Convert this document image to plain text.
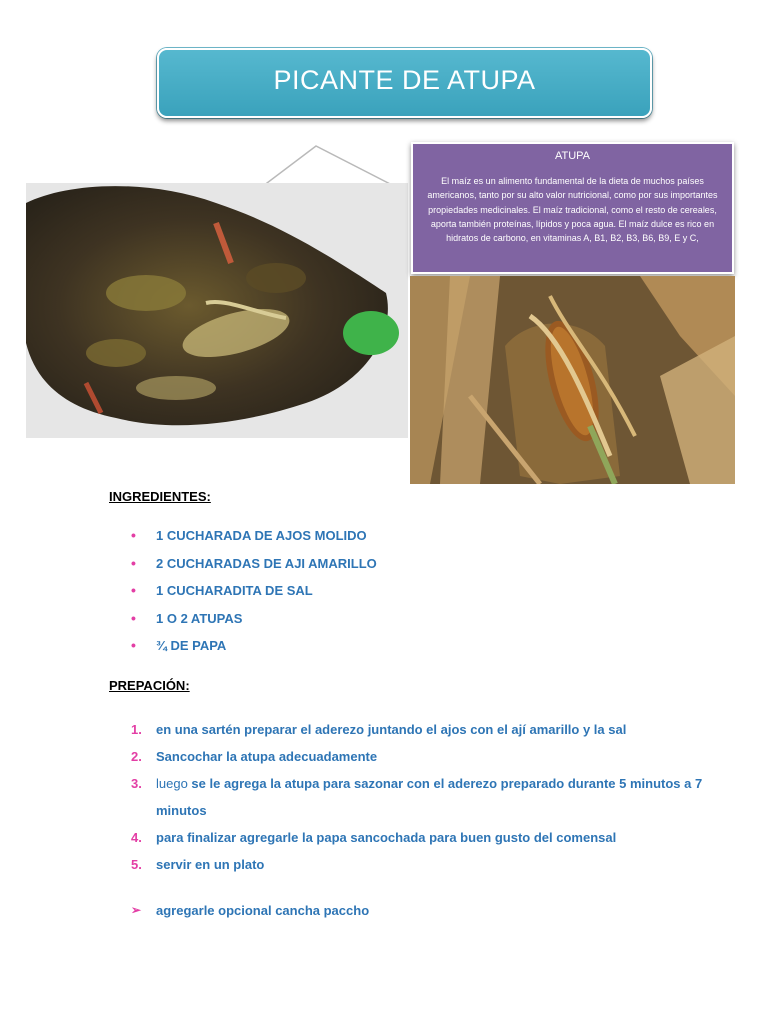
PICANTE DE ATUPA
ATUPA
El maíz es un alimento fundamental de la dieta de muchos países americanos, tanto por su alto valor nutricional, como por sus importantes propiedades medicinales. El maíz tradicional, como el resto de cereales, aporta también proteínas, lípidos y poca agua. El maíz dulce es rico en hidratos de carbono, en vitaminas A, B1, B2, B3, B6, B9, E y C,
INGREDIENTES:
• 1 CUCHARADA DE AJOS MOLIDO
• 2 CUCHARADAS DE AJI AMARILLO
• 1 CUCHARADITA DE SAL
• 1 O 2 ATUPAS
• ¾ DE PAPA
PREPACIÓN:
1. en una sartén preparar el aderezo juntando el ajos con el ají amarillo y la sal
2. Sancochar la atupa adecuadamente
3. luego se le agrega la atupa para sazonar con el aderezo preparado durante 5 minutos a 7 minutos
4. para finalizar agregarle la papa sancochada para buen gusto del comensal
5. servir en un plato
➢ agregarle opcional cancha paccho
